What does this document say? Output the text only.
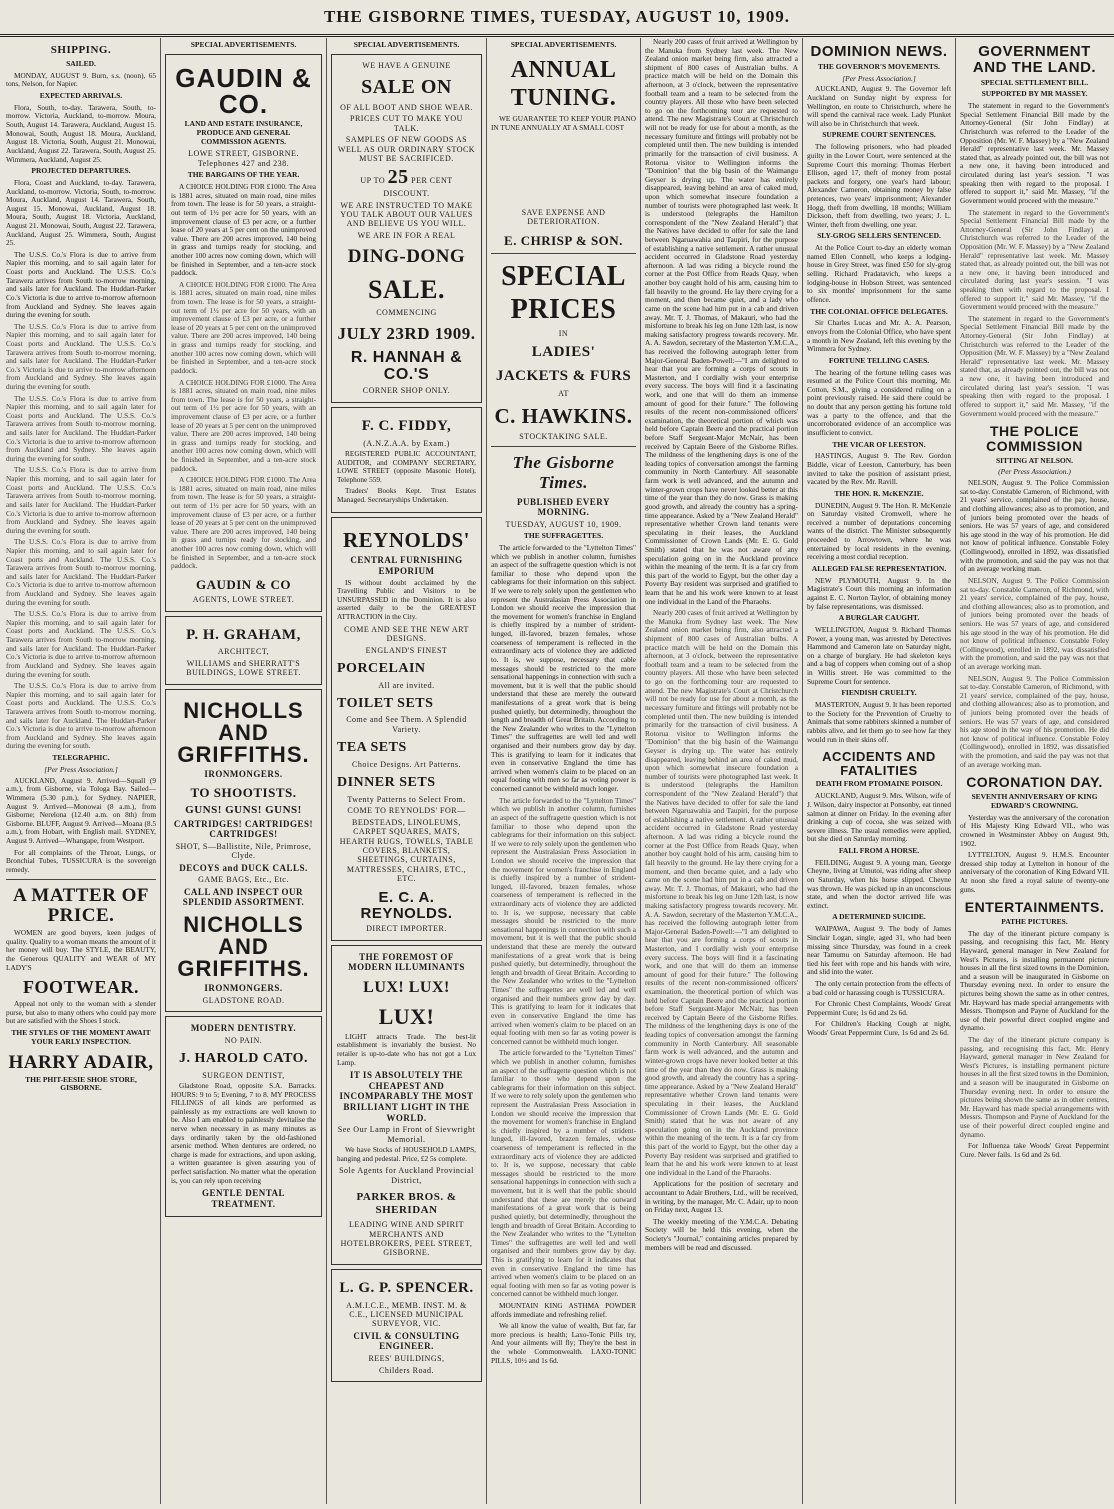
THE GISBORNE TIMES, TUESDAY, AUGUST 10, 1909.
SHIPPING.
SAILED.

MONDAY, AUGUST 9. Burn, s.s. (noon), 65 tons, Nelson, for Napier.

EXPECTED ARRIVALS.

Flora, South, to-day. Tarawera, South, to-morrow. Victoria, Auckland, to-morrow. Moura, South, August 14. Tarawera, Auckland, August 15. Monowai, South, August 18. Moura, Auckland, August 18. Victoria, South, August 21. Monowai, Auckland, August 22. Tarawera, South, August 25. Wimmera, Auckland, August 25.

PROJECTED DEPARTURES.

Flora, Coast and Auckland, to-day. Tarawera, Auckland, to-morrow. Victoria, South, to-morrow. Moura, Auckland, August 14. Tarawera, South, August 15. Monowai, Auckland, August 18. Moura, South, August 18. Victoria, Auckland, August 21. Monowai, South, August 22. Tarawera, Auckland, August 25. Wimmera, South, August 25.

The U.S.S. Co.'s Flora is due to arrive from Napier this morning, and to sail again later for Coast ports and Auckland. The U.S.S. Co.'s Tarawera arrives from South to-morrow morning, and sails later for Auckland. The Huddart-Parker Co.'s Victoria is due to arrive to-morrow afternoon from Auckland and Sydney. She leaves again during the evening for south.

The U.S.S. Co.'s Flora is due to arrive from Napier this morning, and to sail again later for Coast ports and Auckland. The U.S.S. Co.'s Tarawera arrives from South to-morrow morning, and sails later for Auckland. The Huddart-Parker Co.'s Victoria is due to arrive to-morrow afternoon from Auckland and Sydney. She leaves again during the evening for south.

The U.S.S. Co.'s Flora is due to arrive from Napier this morning, and to sail again later for Coast ports and Auckland. The U.S.S. Co.'s Tarawera arrives from South to-morrow morning, and sails later for Auckland. The Huddart-Parker Co.'s Victoria is due to arrive to-morrow afternoon from Auckland and Sydney. She leaves again during the evening for south.

The U.S.S. Co.'s Flora is due to arrive from Napier this morning, and to sail again later for Coast ports and Auckland. The U.S.S. Co.'s Tarawera arrives from South to-morrow morning, and sails later for Auckland. The Huddart-Parker Co.'s Victoria is due to arrive to-morrow afternoon from Auckland and Sydney. She leaves again during the evening for south.

The U.S.S. Co.'s Flora is due to arrive from Napier this morning, and to sail again later for Coast ports and Auckland. The U.S.S. Co.'s Tarawera arrives from South to-morrow morning, and sails later for Auckland. The Huddart-Parker Co.'s Victoria is due to arrive to-morrow afternoon from Auckland and Sydney. She leaves again during the evening for south.

The U.S.S. Co.'s Flora is due to arrive from Napier this morning, and to sail again later for Coast ports and Auckland. The U.S.S. Co.'s Tarawera arrives from South to-morrow morning, and sails later for Auckland. The Huddart-Parker Co.'s Victoria is due to arrive to-morrow afternoon from Auckland and Sydney. She leaves again during the evening for south.

The U.S.S. Co.'s Flora is due to arrive from Napier this morning, and to sail again later for Coast ports and Auckland. The U.S.S. Co.'s Tarawera arrives from South to-morrow morning, and sails later for Auckland. The Huddart-Parker Co.'s Victoria is due to arrive to-morrow afternoon from Auckland and Sydney. She leaves again during the evening for south.

TELEGRAPHIC.
[Per Press Association.]

AUCKLAND, August 9. Arrived—Squall (9 a.m.), from Gisborne, via Tologa Bay. Sailed—Wimmera (5.30 p.m.), for Sydney. NAPIER, August 9. Arrived—Monowai (8 a.m.), from Gisborne; Nerelona (12.40 a.m. on 8th) from Gisborne. BLUFF, August 9. Arrived—Moana (8.5 a.m.), from Hobart, with English mail. SYDNEY, August 9. Arrived—Whangape, from Westport.

For all complaints of the Throat, Lungs, or Bronchial Tubes, TUSSICURA is the sovereign remedy.

A MATTER OF PRICE.

WOMEN are good buyers, keen judges of quality. Quality to a woman means the amount of it her money will buy. The STYLE, the BEAUTY, the Generous QUALITY and WEAR of MY LADY'S

FOOTWEAR.

Appeal not only to the woman with a slender purse, but also to many others who could pay more but are satisfied with the Shoes I stock.

THE STYLES OF THE MOMENT AWAIT YOUR EARLY INSPECTION.
HARRY ADAIR,
THE PHIT-EESIE SHOE STORE, GISBORNE.
SPECIAL ADVERTISEMENTS.
GAUDIN & CO.
LAND AND ESTATE INSURANCE, PRODUCE AND GENERAL COMMISSION AGENTS.
LOWE STREET, GISBORNE. Telephones 427 and 238.
THE BARGAINS OF THE YEAR.

A CHOICE HOLDING FOR £1000. The Area is 1881 acres, situated on main road, nine miles from town. The lease is for 50 years, a straight-out term of 1½ per acre for 50 years, with an improvement clause of £3 per acre, or a further lease of 20 years at 5 per cent on the unimproved value. There are 200 acres improved, 140 being in grass and turnips ready for stocking, and another 100 acres now coming down, which will be finished in September, and a ten-acre stock paddock.

A CHOICE HOLDING FOR £1000. The Area is 1881 acres, situated on main road, nine miles from town. The lease is for 50 years, a straight-out term of 1½ per acre for 50 years, with an improvement clause of £3 per acre, or a further lease of 20 years at 5 per cent on the unimproved value. There are 200 acres improved, 140 being in grass and turnips ready for stocking, and another 100 acres now coming down, which will be finished in September, and a ten-acre stock paddock.

A CHOICE HOLDING FOR £1000. The Area is 1881 acres, situated on main road, nine miles from town. The lease is for 50 years, a straight-out term of 1½ per acre for 50 years, with an improvement clause of £3 per acre, or a further lease of 20 years at 5 per cent on the unimproved value. There are 200 acres improved, 140 being in grass and turnips ready for stocking, and another 100 acres now coming down, which will be finished in September, and a ten-acre stock paddock.

A CHOICE HOLDING FOR £1000. The Area is 1881 acres, situated on main road, nine miles from town. The lease is for 50 years, a straight-out term of 1½ per acre for 50 years, with an improvement clause of £3 per acre, or a further lease of 20 years at 5 per cent on the unimproved value. There are 200 acres improved, 140 being in grass and turnips ready for stocking, and another 100 acres now coming down, which will be finished in September, and a ten-acre stock paddock.

GAUDIN & CO
AGENTS, LOWE STREET.
P. H. GRAHAM,
ARCHITECT,
WILLIAMS and SHERRATT'S BUILDINGS, LOWE STREET.
NICHOLLS AND GRIFFITHS.
IRONMONGERS.
TO SHOOTISTS.
GUNS! GUNS! GUNS!
CARTRIDGES! CARTRIDGES! CARTRIDGES!
SHOT, S—Ballistite, Nile, Primrose, Clyde.
DECOYS and DUCK CALLS.
GAME BAGS, Etc., Etc.
CALL AND INSPECT OUR SPLENDID ASSORTMENT.
NICHOLLS AND GRIFFITHS.
IRONMONGERS.
GLADSTONE ROAD.
MODERN DENTISTRY.
NO PAIN.
J. HAROLD CATO.
SURGEON DENTIST,

Gladstone Road, opposite S.A. Barracks. HOURS: 9 to 5; Evening, 7 to 8. MY PROCESS FILLINGS of all kinds are performed as painlessly as my extractions are well known to be. Also I am enabled to painlessly devitalise the nerve when necessary in as many minutes as days ordinarily taken by the old-fashioned arsenic method. When dentures are ordered, no charge is made for extractions, and upon asking, a written guarantee is given assuring you of perfect satisfaction. No matter what the operation is, you can rely upon receiving

GENTLE DENTAL TREATMENT.
SPECIAL ADVERTISEMENTS.
WE HAVE A GENUINE
SALE ON
OF ALL BOOT AND SHOE WEAR.
PRICES CUT TO MAKE YOU TALK.
SAMPLES OF NEW GOODS AS WELL AS OUR ORDINARY STOCK MUST BE SACRIFICED.
UP TO 25 PER CENT DISCOUNT.
WE ARE INSTRUCTED TO MAKE YOU TALK ABOUT OUR VALUES AND BELIEVE US YOU WILL.
WE ARE IN FOR A REAL
DING-DONG
SALE.
COMMENCING
JULY 23RD 1909.
R. HANNAH & CO.'S
CORNER SHOP ONLY.
F. C. FIDDY,
(A.N.Z.A.A. by Exam.)

REGISTERED PUBLIC ACCOUNTANT, AUDITOR, and COMPANY SECRETARY, LOWE STREET (opposite Masonic Hotel), Telephone 559.

Traders' Books Kept. Trust Estates Managed. Secretaryships Undertaken.

REYNOLDS'
CENTRAL FURNISHING EMPORIUM

IS without doubt acclaimed by the Travelling Public and Visitors to be UNSURPASSED in the Dominion. It is also asserted daily to be the GREATEST ATTRACTION in the City.

COME AND SEE THE NEW ART DESIGNS.
ENGLAND'S FINEST
PORCELAIN
All are invited.
TOILET SETS
Come and See Them. A Splendid Variety.
TEA SETS
Choice Designs. Art Patterns.
DINNER SETS
Twenty Patterns to Select From.
COME TO REYNOLDS' FOR—
BEDSTEADS, LINOLEUMS, CARPET SQUARES, MATS, HEARTH RUGS, TOWELS, TABLE COVERS, BLANKETS, SHEETINGS, CURTAINS, MATTRESSES, CHAIRS, ETC., ETC.
E. C. A. REYNOLDS.
DIRECT IMPORTER.
THE FOREMOST OF MODERN ILLUMINANTS
LUX! LUX!
LUX!

LIGHT attracts Trade. The best-lit establishment is invariably the busiest. No retailer is up-to-date who has not got a Lux Lamp.

IT IS ABSOLUTELY THE CHEAPEST AND INCOMPARABLY THE MOST BRILLIANT LIGHT IN THE WORLD.
See Our Lamp in Front of Sievwright Memorial.

We have Stocks of HOUSEHOLD LAMPS, hanging and pedestal. Price, £2 5s complete.

Sole Agents for Auckland Provincial District,
PARKER BROS. & SHERIDAN
LEADING WINE AND SPIRIT MERCHANTS AND HOTELBROKERS, PEEL STREET, GISBORNE.
L. G. P. SPENCER.
A.M.I.C.E., MEMB. INST. M. & C.E., LICENSED MUNICIPAL SURVEYOR, VIC.
CIVIL & CONSULTING ENGINEER.
REES' BUILDINGS,
Childers Road.
SPECIAL ADVERTISEMENTS.
ANNUAL TUNING.

WE GUARANTEE TO KEEP YOUR PIANO IN TUNE ANNUALLY AT A SMALL COST

SAVE EXPENSE AND DETERIORATION.
E. CHRISP & SON.
SPECIAL PRICES
IN
LADIES'
JACKETS & FURS
AT
C. HAWKINS.
STOCKTAKING SALE.
The Gisborne Times.
PUBLISHED EVERY MORNING.
TUESDAY, AUGUST 10, 1909.
THE SUFFRAGETTES.

The article forwarded to the "Lyttelton Times" which we publish in another column, furnishes an aspect of the suffragette question which is not familiar to those who depend upon the cablegrams for their information on this subject. If we were to rely solely upon the gentlemen who represent the Australasian Press Association in London we should receive the impression that the movement for women's franchise in England is chiefly inspired by a number of strident-lunged, ill-favored, brazen females, whose coarseness of temperament is reflected in the extraordinary acts of violence they are addicted to. It is, we suppose, necessary that cable messages should be restricted to the more sensational happenings in connection with such a movement, but it is well that the public should understand that these are merely the outward manifestations of a great work that is being pushed quietly, but determinedly, throughout the length and breadth of Great Britain. According to the New Zealander who writes to the "Lyttelton Times" the suffragettes are well led and well organised and their numbers grow day by day. This is gratifying to learn for it indicates that even in conservative England the time has arrived when women's claim to be placed on an equal footing with men so far as voting power is concerned cannot be withheld much longer.

The article forwarded to the "Lyttelton Times" which we publish in another column, furnishes an aspect of the suffragette question which is not familiar to those who depend upon the cablegrams for their information on this subject. If we were to rely solely upon the gentlemen who represent the Australasian Press Association in London we should receive the impression that the movement for women's franchise in England is chiefly inspired by a number of strident-lunged, ill-favored, brazen females, whose coarseness of temperament is reflected in the extraordinary acts of violence they are addicted to. It is, we suppose, necessary that cable messages should be restricted to the more sensational happenings in connection with such a movement, but it is well that the public should understand that these are merely the outward manifestations of a great work that is being pushed quietly, but determinedly, throughout the length and breadth of Great Britain. According to the New Zealander who writes to the "Lyttelton Times" the suffragettes are well led and well organised and their numbers grow day by day. This is gratifying to learn for it indicates that even in conservative England the time has arrived when women's claim to be placed on an equal footing with men so far as voting power is concerned cannot be withheld much longer.

The article forwarded to the "Lyttelton Times" which we publish in another column, furnishes an aspect of the suffragette question which is not familiar to those who depend upon the cablegrams for their information on this subject. If we were to rely solely upon the gentlemen who represent the Australasian Press Association in London we should receive the impression that the movement for women's franchise in England is chiefly inspired by a number of strident-lunged, ill-favored, brazen females, whose coarseness of temperament is reflected in the extraordinary acts of violence they are addicted to. It is, we suppose, necessary that cable messages should be restricted to the more sensational happenings in connection with such a movement, but it is well that the public should understand that these are merely the outward manifestations of a great work that is being pushed quietly, but determinedly, throughout the length and breadth of Great Britain. According to the New Zealander who writes to the "Lyttelton Times" the suffragettes are well led and well organised and their numbers grow day by day. This is gratifying to learn for it indicates that even in conservative England the time has arrived when women's claim to be placed on an equal footing with men so far as voting power is concerned cannot be withheld much longer.

MOUNTAIN KING ASTHMA POWDER affords immediate and refreshing relief.

We all know the value of wealth, But far, far more precious is health; Laxo-Tonic Pills try, And your ailments will fly; They're the best in the whole Commonwealth. LAXO-TONIC PILLS, 10½ and 1s 6d.

Nearly 200 cases of fruit arrived at Wellington by the Manuka from Sydney last week. The New Zealand onion market being firm, also attracted a shipment of 800 cases of Australian bulbs. A practice match will be held on the Domain this afternoon, at 3 o'clock, between the representative football team and a team to be selected from the country players. All those who have been selected to go on the forthcoming tour are requested to attend. The new Magistrate's Court at Christchurch will not be ready for use for about a month, as the necessary furniture and fittings will probably not be completed until then. The new building is intended primarily for the transaction of civil business. A Rotorua visitor to Wellington informs the "Dominion" that the big basin of the Waimangu Geyser is drying up. The water has entirely disappeared, leaving behind an area of caked mud, upon which somewhat insecure foundation a number of tourists were photographed last week. It is understood (telegraphs the Hamilton correspondent of the "New Zealand Herald") that the Natives have decided to offer for sale the land between Ngaruawahia and Taupiri, for the purpose of establishing a native settlement. A rather unusual accident occurred in Gladstone Road yesterday afternoon. A lad was riding a bicycle round the corner at the Post Office from Reads Quay, when another boy caught hold of his arm, causing him to fall heavily to the ground. He lay there crying for a moment, and then became quiet, and a lady who came on the scene had him put in a cab and driven away. Mr. T. J. Thomas, of Makauri, who had the misfortune to break his leg on June 12th last, is now making satisfactory progress towards recovery. Mr. A. A. Sawdon, secretary of the Masterton Y.M.C.A., has received the following autograph letter from Major-General Baden-Powell:—"I am delighted to hear that you are forming a corps of scouts in Masterton, and I cordially wish your enterprise every success. The boys will find it a fascinating work, and one that will do them an immense amount of good for their future." The following results of the recent non-commissioned officers' examination, the theoretical portion of which was held before Captain Beere and the practical portion before Staff Sergeant-Major McNair, has been received by Captain Beere of the Gisborne Rifles. The mildness of the lengthening days is one of the leading topics of conversation amongst the farming community in North Canterbury. All seasonable farm work is well advanced, and the autumn and winter-grown crops have never looked better at this time of the year than they do now. Grass is making good growth, and already the country has a spring-time appearance. Asked by a "New Zealand Herald" representative whether Crown land tenants were speculating in their leases, the Auckland Commissioner of Crown Lands (Mr. E. G. Gold Smith) stated that he was not aware of any speculation going on in the Auckland province within the meaning of the term. It is a far cry from this part of the world to Egypt, but the other day a Poverty Bay resident was surprised and gratified to learn that he and his work were known to at least one individual in the Land of the Pharaohs.

Nearly 200 cases of fruit arrived at Wellington by the Manuka from Sydney last week. The New Zealand onion market being firm, also attracted a shipment of 800 cases of Australian bulbs. A practice match will be held on the Domain this afternoon, at 3 o'clock, between the representative football team and a team to be selected from the country players. All those who have been selected to go on the forthcoming tour are requested to attend. The new Magistrate's Court at Christchurch will not be ready for use for about a month, as the necessary furniture and fittings will probably not be completed until then. The new building is intended primarily for the transaction of civil business. A Rotorua visitor to Wellington informs the "Dominion" that the big basin of the Waimangu Geyser is drying up. The water has entirely disappeared, leaving behind an area of caked mud, upon which somewhat insecure foundation a number of tourists were photographed last week. It is understood (telegraphs the Hamilton correspondent of the "New Zealand Herald") that the Natives have decided to offer for sale the land between Ngaruawahia and Taupiri, for the purpose of establishing a native settlement. A rather unusual accident occurred in Gladstone Road yesterday afternoon. A lad was riding a bicycle round the corner at the Post Office from Reads Quay, when another boy caught hold of his arm, causing him to fall heavily to the ground. He lay there crying for a moment, and then became quiet, and a lady who came on the scene had him put in a cab and driven away. Mr. T. J. Thomas, of Makauri, who had the misfortune to break his leg on June 12th last, is now making satisfactory progress towards recovery. Mr. A. A. Sawdon, secretary of the Masterton Y.M.C.A., has received the following autograph letter from Major-General Baden-Powell:—"I am delighted to hear that you are forming a corps of scouts in Masterton, and I cordially wish your enterprise every success. The boys will find it a fascinating work, and one that will do them an immense amount of good for their future." The following results of the recent non-commissioned officers' examination, the theoretical portion of which was held before Captain Beere and the practical portion before Staff Sergeant-Major McNair, has been received by Captain Beere of the Gisborne Rifles. The mildness of the lengthening days is one of the leading topics of conversation amongst the farming community in North Canterbury. All seasonable farm work is well advanced, and the autumn and winter-grown crops have never looked better at this time of the year than they do now. Grass is making good growth, and already the country has a spring-time appearance. Asked by a "New Zealand Herald" representative whether Crown land tenants were speculating in their leases, the Auckland Commissioner of Crown Lands (Mr. E. G. Gold Smith) stated that he was not aware of any speculation going on in the Auckland province within the meaning of the term. It is a far cry from this part of the world to Egypt, but the other day a Poverty Bay resident was surprised and gratified to learn that he and his work were known to at least one individual in the Land of the Pharaohs.

Applications for the position of secretary and accountant to Adair Brothers, Ltd., will be received, in writing, by the manager, Mr. C. Adair, up to noon on Friday next, August 13.

The weekly meeting of the Y.M.C.A. Debating Society will be held this evening, when the Society's "Journal," containing articles prepared by members will be read and discussed.

DOMINION NEWS.
THE GOVERNOR'S MOVEMENTS.
[Per Press Association.]

AUCKLAND, August 9. The Governor left Auckland on Sunday night by express for Wellington, en route to Christchurch, where he will spend the carnival race week. Lady Plunket will also be in Christchurch that week.

SUPREME COURT SENTENCES.

The following prisoners, who had pleaded guilty in the Lower Court, were sentenced at the Supreme Court this morning: Thomas Herbert Ellison, aged 17, theft of money from postal packets and forgery, one year's hard labour; Alexander Cameron, obtaining money by false pretences, two years' imprisonment; Alexander Hogg, theft from dwelling, 18 months; William Dickson, theft from dwelling, two years; J. L. Winter, theft from dwelling, one year.

SLY-GROG SELLERS SENTENCED.

At the Police Court to-day an elderly woman named Ellen Connell, who keeps a lodging-house in Grey Street, was fined £50 for sly-grog selling. Richard Pradatavich, who keeps a lodging-house in Hobson Street, was sentenced to six months' imprisonment for the same offence.

THE COLONIAL OFFICE DELEGATES.

Sir Charles Lucas and Mr. A. A. Pearson, envoys from the Colonial Office, who have spent a month in New Zealand, left this evening by the Wimmera for Sydney.

FORTUNE TELLING CASES.

The hearing of the fortune telling cases was resumed at the Police Court this morning, Mr. Cotton, S.M., giving a considered ruling on a point previously raised. He said there could be no doubt that any person getting his fortune told was a party to the offence, and that the uncorroborated evidence of an accomplice was insufficient to convict.

THE VICAR OF LEESTON.

HASTINGS, August 9. The Rev. Gordon Biddle, vicar of Leeston, Canterbury, has been invited to take the position of assistant priest, vacated by the Rev. Mr. Ravill.

THE HON. R. McKENZIE.

DUNEDIN, August 9. The Hon. R. McKenzie on Saturday visited Cromwell, where he received a number of deputations concerning wants of the district. The Minister subsequently proceeded to Arrowtown, where he was entertained by local residents in the evening, receiving a most cordial reception.

ALLEGED FALSE REPRESENTATION.

NEW PLYMOUTH, August 9. In the Magistrate's Court this morning an information against E. C. Norton Taylor, of obtaining money by false representations, was dismissed.

A BURGLAR CAUGHT.

WELLINGTON, August 9. Richard Thomas Power, a young man, was arrested by Detectives Hammond and Cameron late on Saturday night, on a charge of burglary. He had skeleton keys and a bag of coppers when coming out of a shop in Willis street. He was committed to the Supreme Court for sentence.

FIENDISH CRUELTY.

MASTERTON, August 9. It has been reported to the Society for the Prevention of Cruelty to Animals that some rabbiters skinned a number of rabbits alive, and let them go to see how far they would run in their skins off.

ACCIDENTS AND FATALITIES
DEATH FROM PTOMAINE POISON.

AUCKLAND, August 9. Mrs. Wilson, wife of J. Wilson, dairy inspector at Ponsonby, eat tinned salmon at dinner on Friday. In the evening after drinking a cup of cocoa, she was seized with severe illness. The usual remedies were applied, but she died on Saturday morning.

FALL FROM A HORSE.

FEILDING, August 9. A young man, George Cheyne, living at Umutoi, was riding after sheep on Saturday, when his horse slipped. Cheyne was thrown. He was picked up in an unconscious state, and when the doctor arrived life was extinct.

A DETERMINED SUICIDE.

WAIPAWA, August 9. The body of James Sinclair Logan, single, aged 31, who had been missing since Thursday, was found in a creek near Tamumu on Saturday afternoon. He had tied his feet with rope and his hands with wire, and slid into the water.

The only certain protection from the effects of a bad cold or harassing cough is TUSSICURA.

For Chronic Chest Complaints, Woods' Great Peppermint Cure; 1s 6d and 2s 6d.

For Children's Hacking Cough at night, Woods' Great Peppermint Cure, 1s 6d and 2s 6d.

GOVERNMENT AND THE LAND.
SPECIAL SETTLEMENT BILL.
SUPPORTED BY MR MASSEY.

The statement in regard to the Government's Special Settlement Financial Bill made by the Attorney-General (Sir John Findlay) at Christchurch was referred to the Leader of the Opposition (Mr. W. F. Massey) by a "New Zealand Herald" representative last week. Mr. Massey stated that, as already pointed out, the bill was not a new one, it having been introduced and circulated during last year's session. "I was speaking then with regard to the proposal. I offered to support it," said Mr. Massey, "if the Government would proceed with the measure."

The statement in regard to the Government's Special Settlement Financial Bill made by the Attorney-General (Sir John Findlay) at Christchurch was referred to the Leader of the Opposition (Mr. W. F. Massey) by a "New Zealand Herald" representative last week. Mr. Massey stated that, as already pointed out, the bill was not a new one, it having been introduced and circulated during last year's session. "I was speaking then with regard to the proposal. I offered to support it," said Mr. Massey, "if the Government would proceed with the measure."

The statement in regard to the Government's Special Settlement Financial Bill made by the Attorney-General (Sir John Findlay) at Christchurch was referred to the Leader of the Opposition (Mr. W. F. Massey) by a "New Zealand Herald" representative last week. Mr. Massey stated that, as already pointed out, the bill was not a new one, it having been introduced and circulated during last year's session. "I was speaking then with regard to the proposal. I offered to support it," said Mr. Massey, "if the Government would proceed with the measure."

THE POLICE COMMISSION
SITTING AT NELSON.
(Per Press Association.)

NELSON, August 9. The Police Commission sat to-day. Constable Cameron, of Richmond, with 21 years' service, complained of the pay, house, and clothing allowances; also as to promotion, and of juniors being promoted over the heads of seniors. He was 57 years of age, and considered his age stood in the way of his promotion. He did not know of political influence. Constable Foley (Collingwood), enrolled in 1892, was dissatisfied with the promotion, and said the pay was not that of an average working man.

NELSON, August 9. The Police Commission sat to-day. Constable Cameron, of Richmond, with 21 years' service, complained of the pay, house, and clothing allowances; also as to promotion, and of juniors being promoted over the heads of seniors. He was 57 years of age, and considered his age stood in the way of his promotion. He did not know of political influence. Constable Foley (Collingwood), enrolled in 1892, was dissatisfied with the promotion, and said the pay was not that of an average working man.

NELSON, August 9. The Police Commission sat to-day. Constable Cameron, of Richmond, with 21 years' service, complained of the pay, house, and clothing allowances; also as to promotion, and of juniors being promoted over the heads of seniors. He was 57 years of age, and considered his age stood in the way of his promotion. He did not know of political influence. Constable Foley (Collingwood), enrolled in 1892, was dissatisfied with the promotion, and said the pay was not that of an average working man.

CORONATION DAY.
SEVENTH ANNIVERSARY OF KING EDWARD'S CROWNING.

Yesterday was the anniversary of the coronation of His Majesty King Edward VII., who was crowned in Westminster Abbey on August 9th, 1902.

LYTTELTON, August 9. H.M.S. Encounter dressed ship today at Lyttelton in honour of the anniversary of the coronation of King Edward VII. At noon she fired a royal salute of twenty-one guns.

ENTERTAINMENTS.
PATHE PICTURES.

The day of the itinerant picture company is passing, and recognising this fact, Mr. Henry Hayward, general manager in New Zealand for West's Pictures, is installing permanent picture houses in all the first sized towns in the Dominion, and a season will be inaugurated in Gisborne on Thursday evening next. In order to ensure the pictures being shown the same as in other centres, Mr. Hayward has made special arrangements with Messrs. Thompson and Payne of Auckland for the use of their powerful direct coupled engine and dynamo.

The day of the itinerant picture company is passing, and recognising this fact, Mr. Henry Hayward, general manager in New Zealand for West's Pictures, is installing permanent picture houses in all the first sized towns in the Dominion, and a season will be inaugurated in Gisborne on Thursday evening next. In order to ensure the pictures being shown the same as in other centres, Mr. Hayward has made special arrangements with Messrs. Thompson and Payne of Auckland for the use of their powerful direct coupled engine and dynamo.

For Influenza take Woods' Great Peppermint Cure. Never fails. 1s 6d and 2s 6d.
